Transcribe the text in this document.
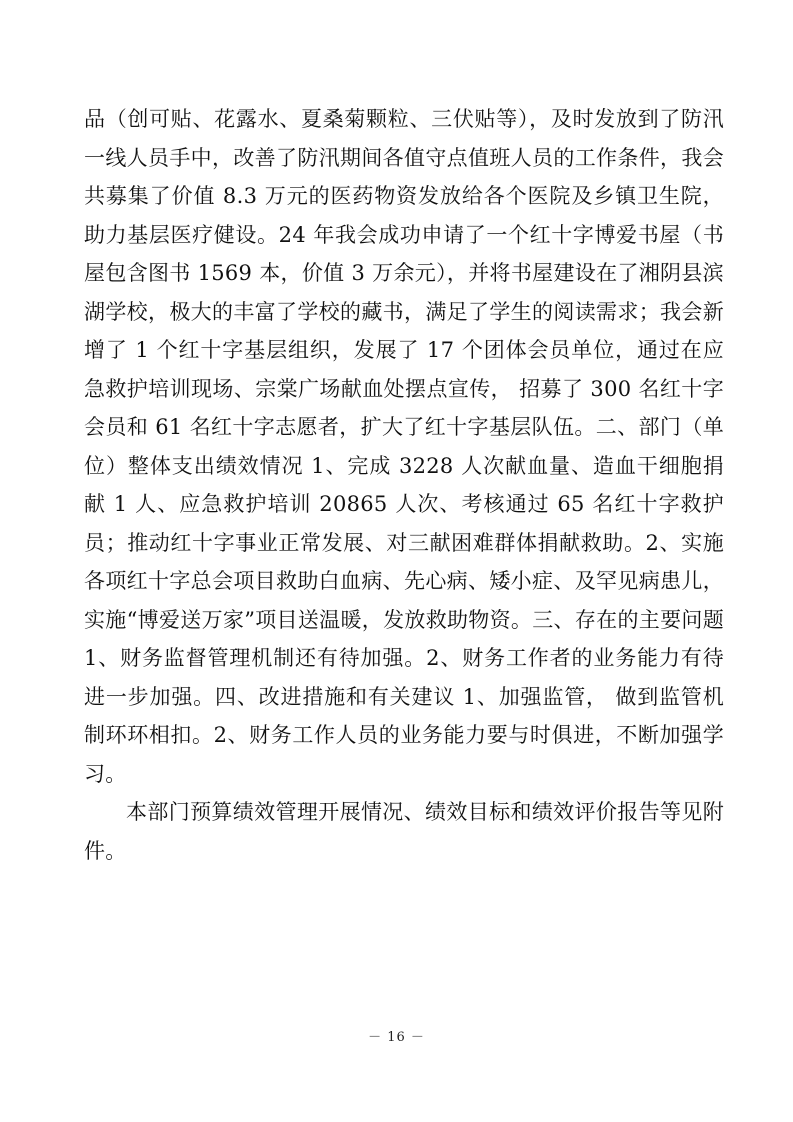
品（创可贴、花露水、夏桑菊颗粒、三伏贴等），及时发放到了防汛一线人员手中，改善了防汛期间各值守点值班人员的工作条件，我会共募集了价值 8.3 万元的医药物资发放给各个医院及乡镇卫生院，助力基层医疗健设。24 年我会成功申请了一个红十字博爱书屋（书屋包含图书 1569 本，价值 3 万余元），并将书屋建设在了湘阴县滨湖学校，极大的丰富了学校的藏书，满足了学生的阅读需求；我会新增了 1 个红十字基层组织，发展了 17 个团体会员单位，通过在应急救护培训现场、宗棠广场献血处摆点宣传， 招募了 300 名红十字会员和 61 名红十字志愿者，扩大了红十字基层队伍。二、部门（单位）整体支出绩效情况 1、完成 3228 人次献血量、造血干细胞捐献 1 人、应急救护培训 20865 人次、考核通过 65 名红十字救护员；推动红十字事业正常发展、对三献困难群体捐献救助。2、实施各项红十字总会项目救助白血病、先心病、矮小症、及罕见病患儿，实施“博爱送万家”项目送温暖，发放救助物资。三、存在的主要问题 1、财务监督管理机制还有待加强。2、财务工作者的业务能力有待进一步加强。四、改进措施和有关建议 1、加强监管， 做到监管机制环环相扣。2、财务工作人员的业务能力要与时俱进，不断加强学习。

本部门预算绩效管理开展情况、绩效目标和绩效评价报告等见附件。

－ 16 －
